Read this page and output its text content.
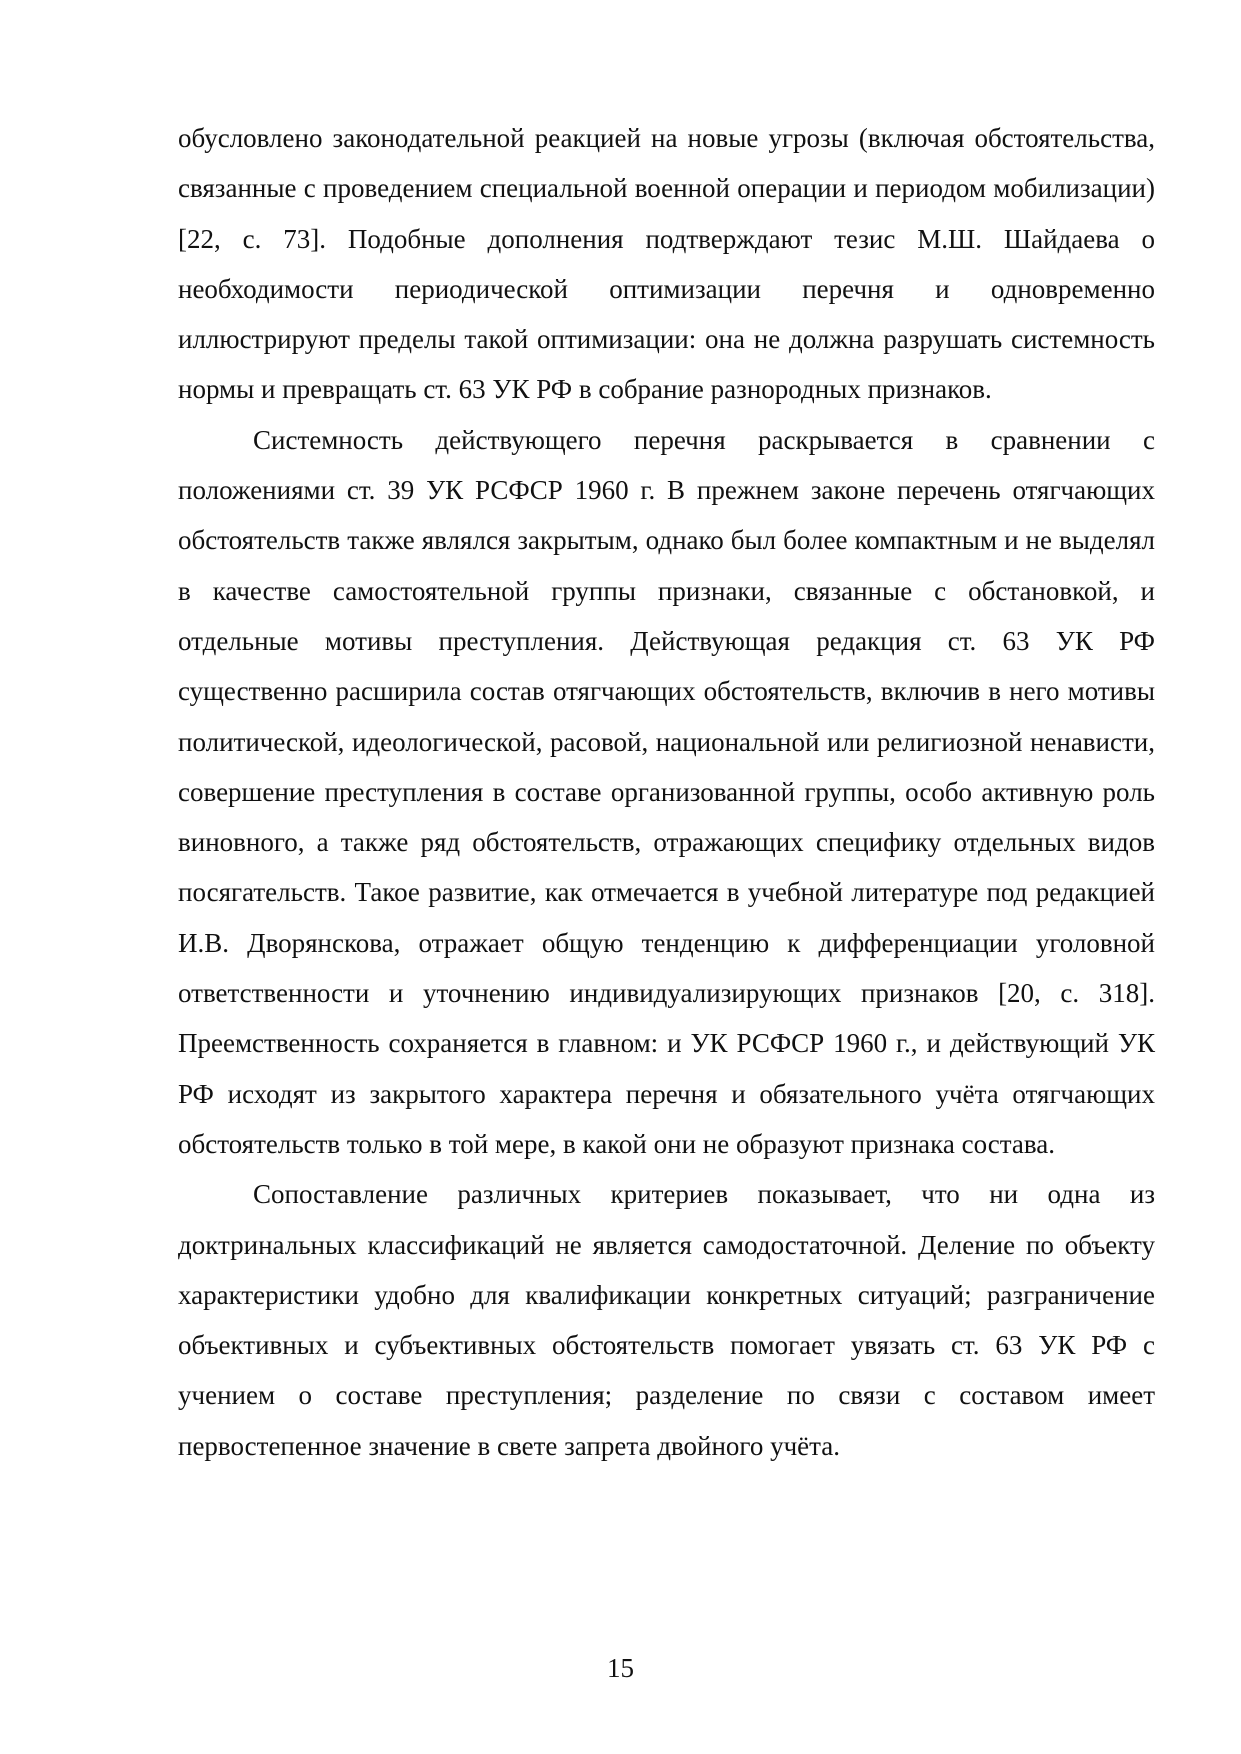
обусловлено законодательной реакцией на новые угрозы (включая обстоятельства, связанные с проведением специальной военной операции и периодом мобилизации) [22, с. 73]. Подобные дополнения подтверждают тезис М.Ш. Шайдаева о необходимости периодической оптимизации перечня и одновременно иллюстрируют пределы такой оптимизации: она не должна разрушать системность нормы и превращать ст. 63 УК РФ в собрание разнородных признаков.

Системность действующего перечня раскрывается в сравнении с положениями ст. 39 УК РСФСР 1960 г. В прежнем законе перечень отягчающих обстоятельств также являлся закрытым, однако был более компактным и не выделял в качестве самостоятельной группы признаки, связанные с обстановкой, и отдельные мотивы преступления. Действующая редакция ст. 63 УК РФ существенно расширила состав отягчающих обстоятельств, включив в него мотивы политической, идеологической, расовой, национальной или религиозной ненависти, совершение преступления в составе организованной группы, особо активную роль виновного, а также ряд обстоятельств, отражающих специфику отдельных видов посягательств. Такое развитие, как отмечается в учебной литературе под редакцией И.В. Дворянскова, отражает общую тенденцию к дифференциации уголовной ответственности и уточнению индивидуализирующих признаков [20, с. 318]. Преемственность сохраняется в главном: и УК РСФСР 1960 г., и действующий УК РФ исходят из закрытого характера перечня и обязательного учёта отягчающих обстоятельств только в той мере, в какой они не образуют признака состава.

Сопоставление различных критериев показывает, что ни одна из доктринальных классификаций не является самодостаточной. Деление по объекту характеристики удобно для квалификации конкретных ситуаций; разграничение объективных и субъективных обстоятельств помогает увязать ст. 63 УК РФ с учением о составе преступления; разделение по связи с составом имеет первостепенное значение в свете запрета двойного учёта.

15
